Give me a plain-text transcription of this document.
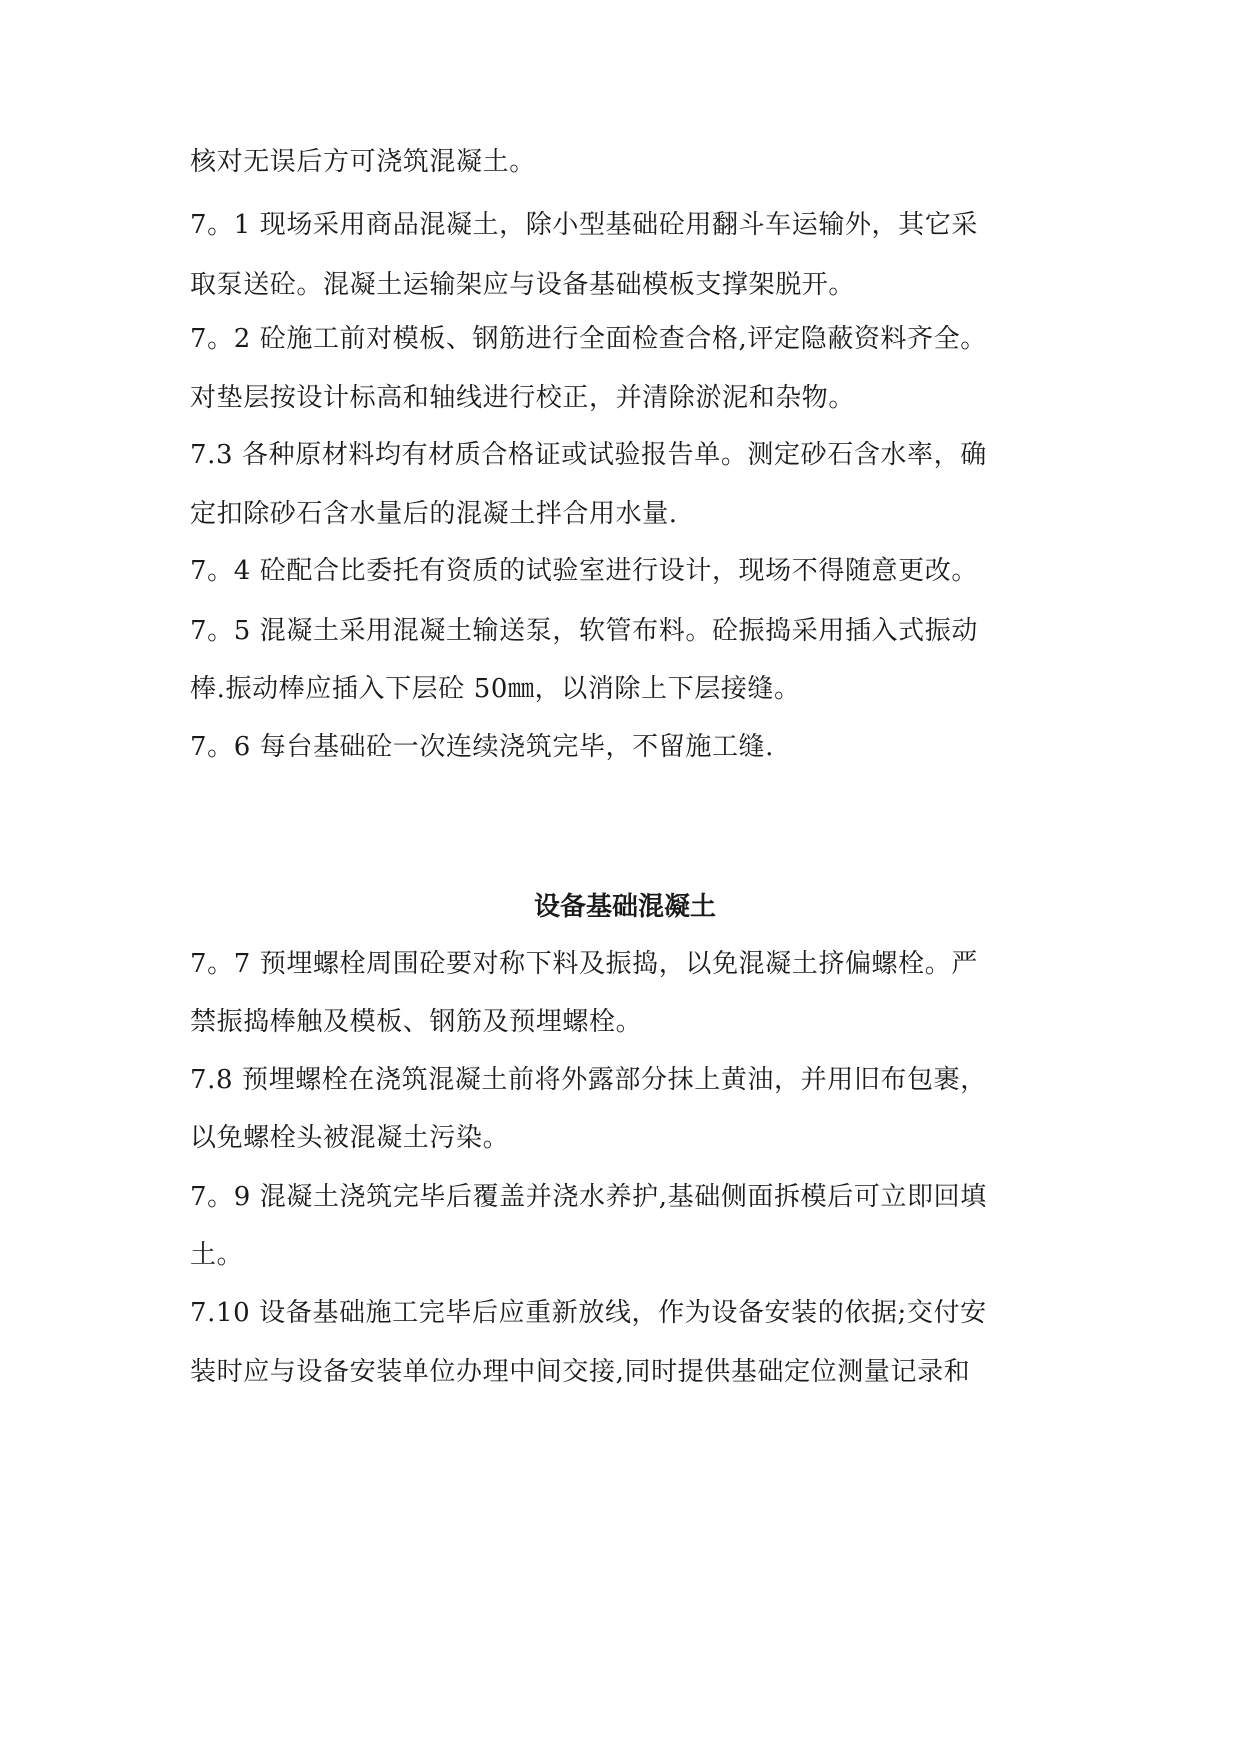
核对无误后方可浇筑混凝土。
7。1 现场采用商品混凝土，除小型基础砼用翻斗车运输外，其它采
取泵送砼。混凝土运输架应与设备基础模板支撑架脱开。
7。2 砼施工前对模板、钢筋进行全面检查合格,评定隐蔽资料齐全。
对垫层按设计标高和轴线进行校正，并清除淤泥和杂物。
7.3 各种原材料均有材质合格证或试验报告单。测定砂石含水率，确
定扣除砂石含水量后的混凝土拌合用水量.
7。4 砼配合比委托有资质的试验室进行设计，现场不得随意更改。
7。5 混凝土采用混凝土输送泵，软管布料。砼振捣采用插入式振动
棒.振动棒应插入下层砼 50㎜，以消除上下层接缝。
7。6 每台基础砼一次连续浇筑完毕，不留施工缝.
设备基础混凝土
7。7 预埋螺栓周围砼要对称下料及振捣，以免混凝土挤偏螺栓。严
禁振捣棒触及模板、钢筋及预埋螺栓。
7.8 预埋螺栓在浇筑混凝土前将外露部分抹上黄油，并用旧布包裹，
以免螺栓头被混凝土污染。
7。9 混凝土浇筑完毕后覆盖并浇水养护,基础侧面拆模后可立即回填
土。
7.10 设备基础施工完毕后应重新放线，作为设备安装的依据;交付安
装时应与设备安装单位办理中间交接,同时提供基础定位测量记录和
